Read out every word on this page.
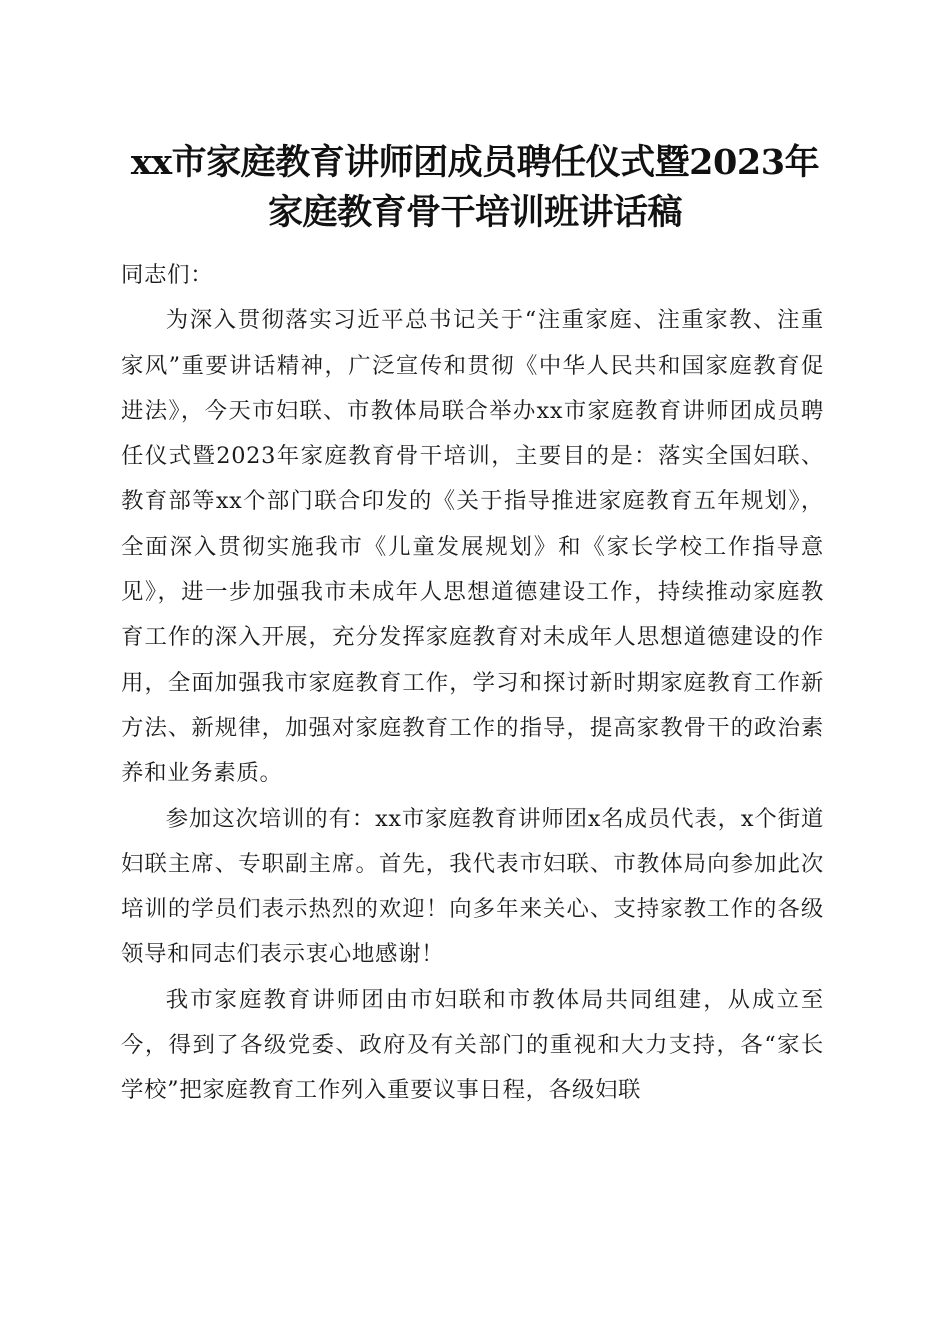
xx市家庭教育讲师团成员聘任仪式暨2023年
家庭教育骨干培训班讲话稿

同志们：

为深入贯彻落实习近平总书记关于“注重家庭、注重家教、注重家风”重要讲话精神，广泛宣传和贯彻《中华人民共和国家庭教育促进法》，今天市妇联、市教体局联合举办xx市家庭教育讲师团成员聘任仪式暨2023年家庭教育骨干培训，主要目的是：落实全国妇联、教育部等xx个部门联合印发的《关于指导推进家庭教育五年规划》，全面深入贯彻实施我市《儿童发展规划》和《家长学校工作指导意见》，进一步加强我市未成年人思想道德建设工作，持续推动家庭教育工作的深入开展，充分发挥家庭教育对未成年人思想道德建设的作用，全面加强我市家庭教育工作，学习和探讨新时期家庭教育工作新方法、新规律，加强对家庭教育工作的指导，提高家教骨干的政治素养和业务素质。

参加这次培训的有：xx市家庭教育讲师团x名成员代表，x个街道妇联主席、专职副主席。首先，我代表市妇联、市教体局向参加此次培训的学员们表示热烈的欢迎！向多年来关心、支持家教工作的各级领导和同志们表示衷心地感谢！

我市家庭教育讲师团由市妇联和市教体局共同组建，从成立至今，得到了各级党委、政府及有关部门的重视和大力支持，各“家长学校”把家庭教育工作列入重要议事日程，各级妇联
